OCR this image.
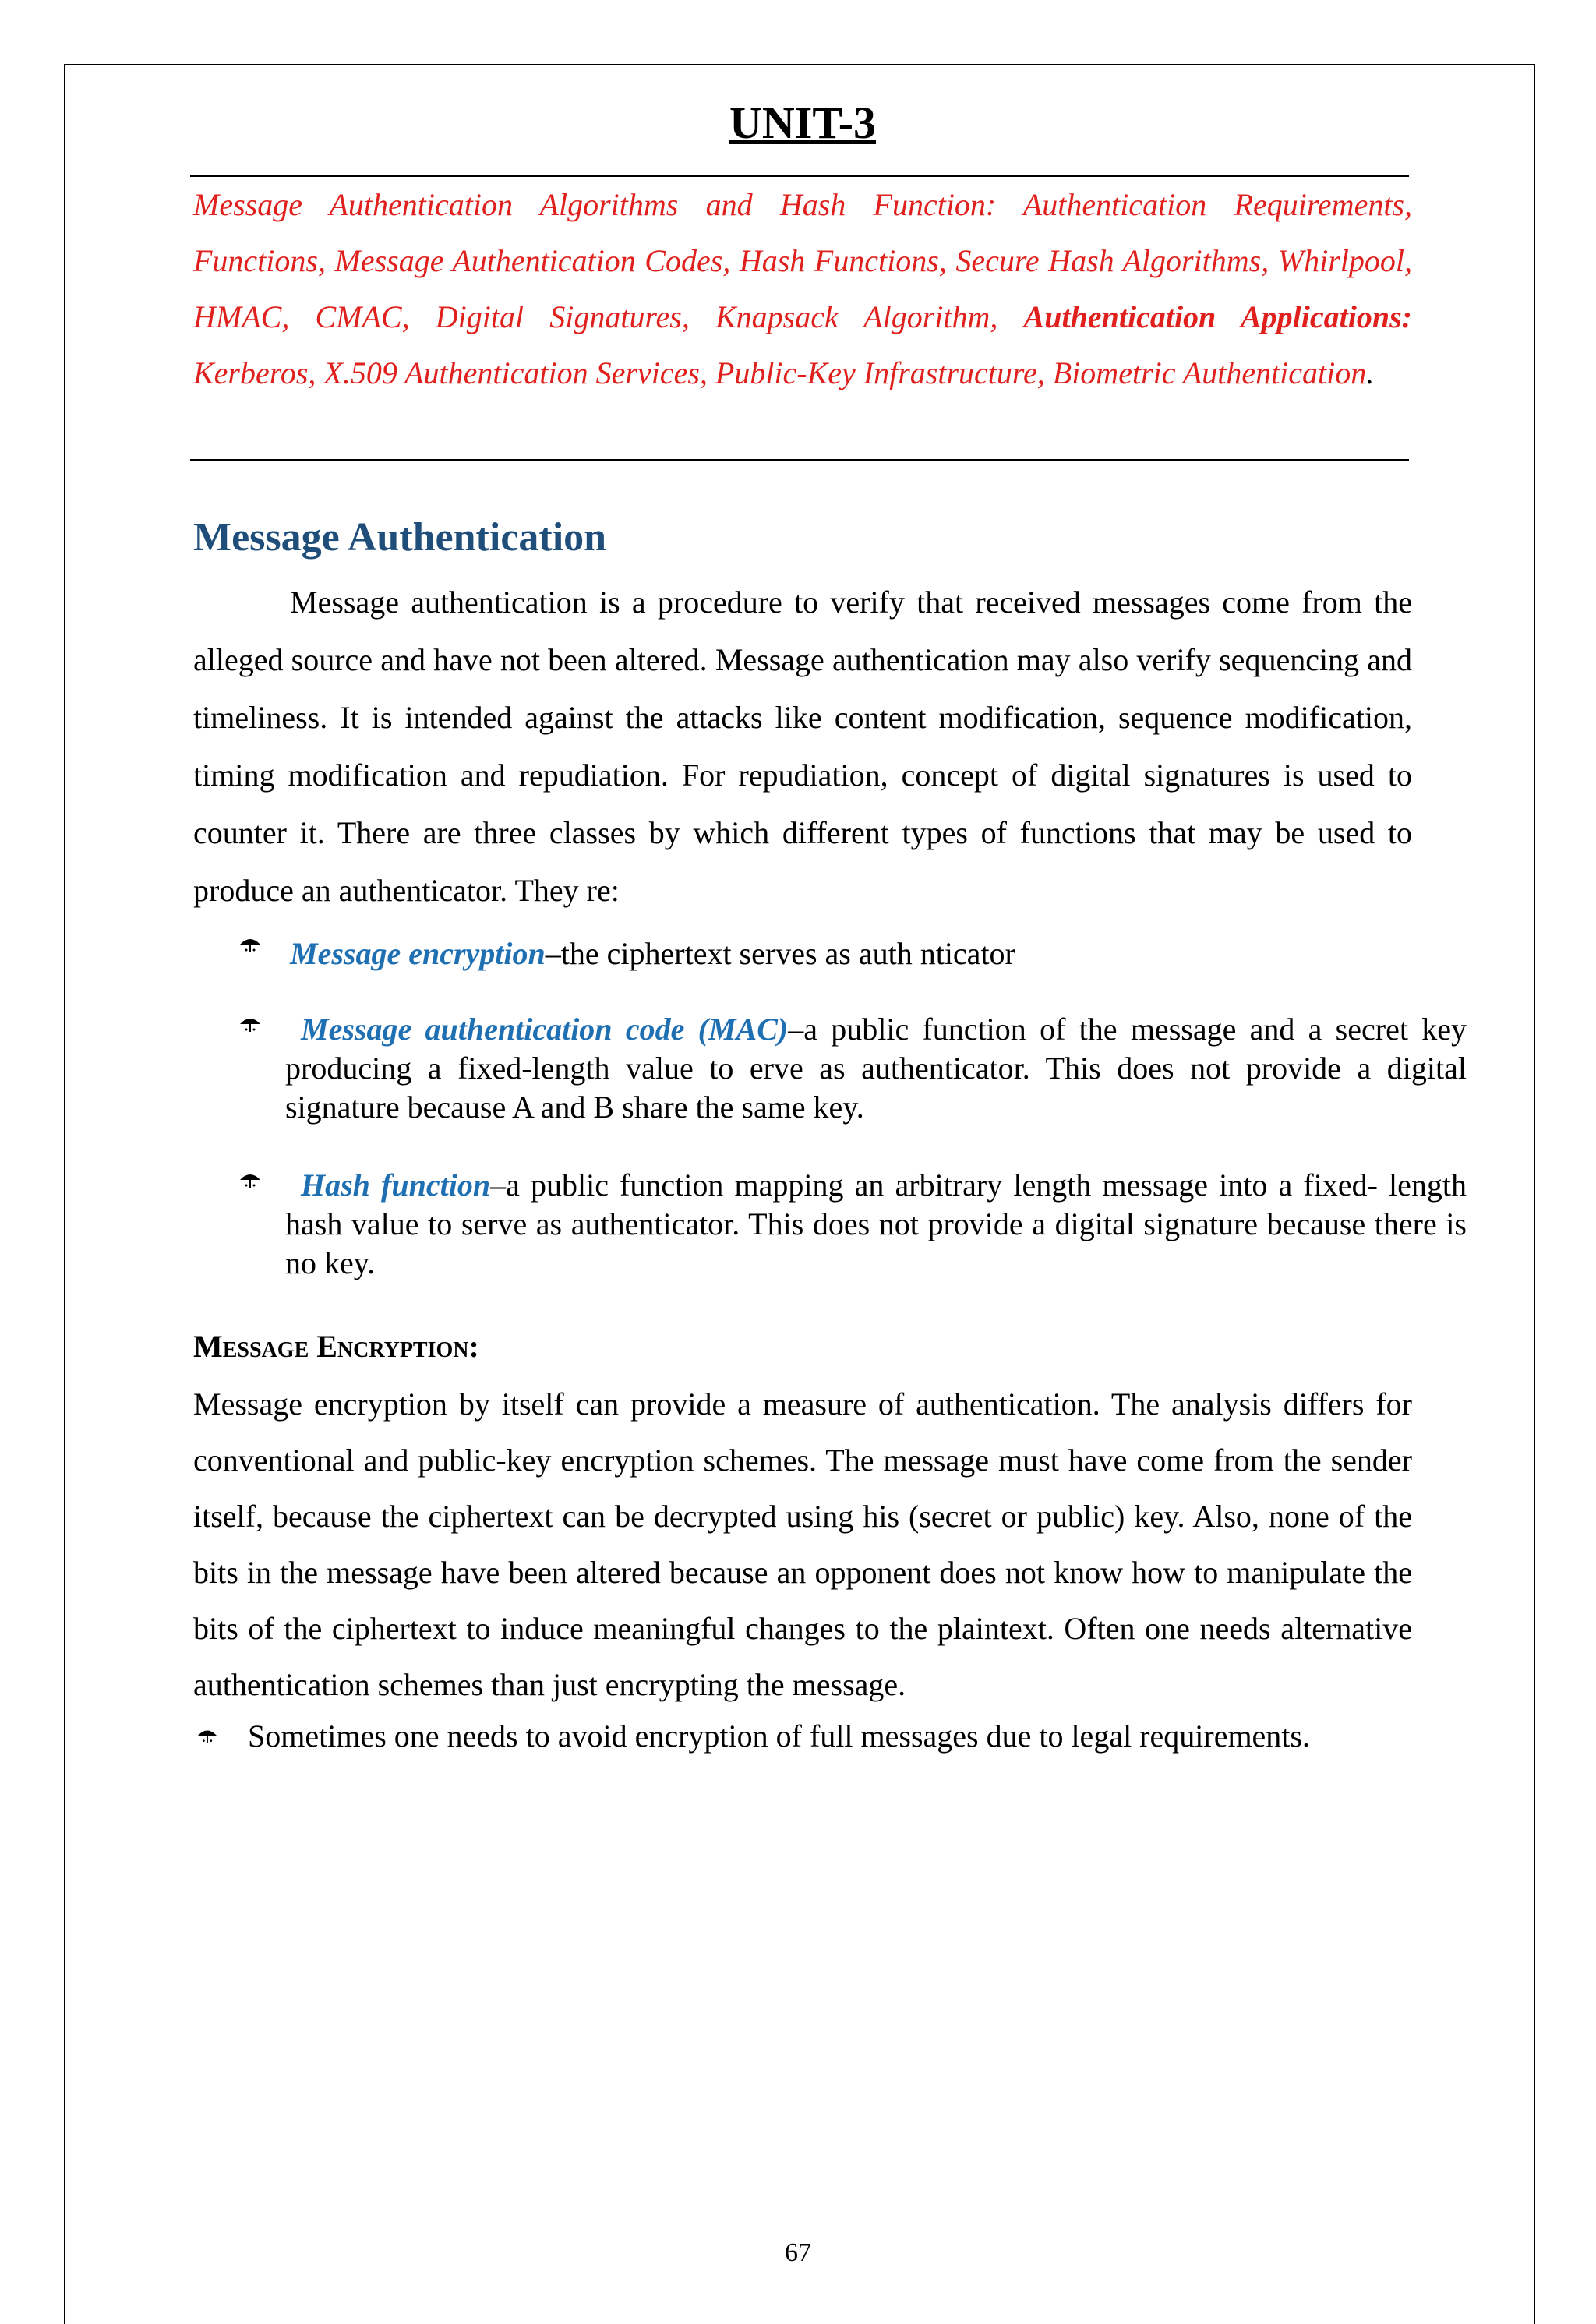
UNIT-3

Message Authentication Algorithms and Hash Function: Authentication Requirements, Functions, Message Authentication Codes, Hash Functions, Secure Hash Algorithms, Whirlpool, HMAC, CMAC, Digital Signatures, Knapsack Algorithm, Authentication Applications: Kerberos, X.509 Authentication Services, Public-Key Infrastructure, Biometric Authentication.

Message Authentication

Message authentication is a procedure to verify that received messages come from the alleged source and have not been altered. Message authentication may also verify sequencing and timeliness. It is intended against the attacks like content modification, sequence modification, timing modification and repudiation. For repudiation, concept of digital signatures is used to counter it. There are three classes by which different types of functions that may be used to produce an authenticator. They re:

Message encryption–the ciphertext serves as auth nticator
Message authentication code (MAC)–a public function of the message and a secret key producing a fixed-length value to erve as authenticator. This does not provide a digital signature because A and B share the same key.
Hash function–a public function mapping an arbitrary length message into a fixed- length hash value to serve as authenticator. This does not provide a digital signature because there is no key.
Message Encryption:

Message encryption by itself can provide a measure of authentication. The analysis differs for conventional and public-key encryption schemes. The message must have come from the sender itself, because the ciphertext can be decrypted using his (secret or public) key. Also, none of the bits in the message have been altered because an opponent does not know how to manipulate the bits of the ciphertext to induce meaningful changes to the plaintext. Often one needs alternative authentication schemes than just encrypting the message.

Sometimes one needs to avoid encryption of full messages due to legal requirements.
67
